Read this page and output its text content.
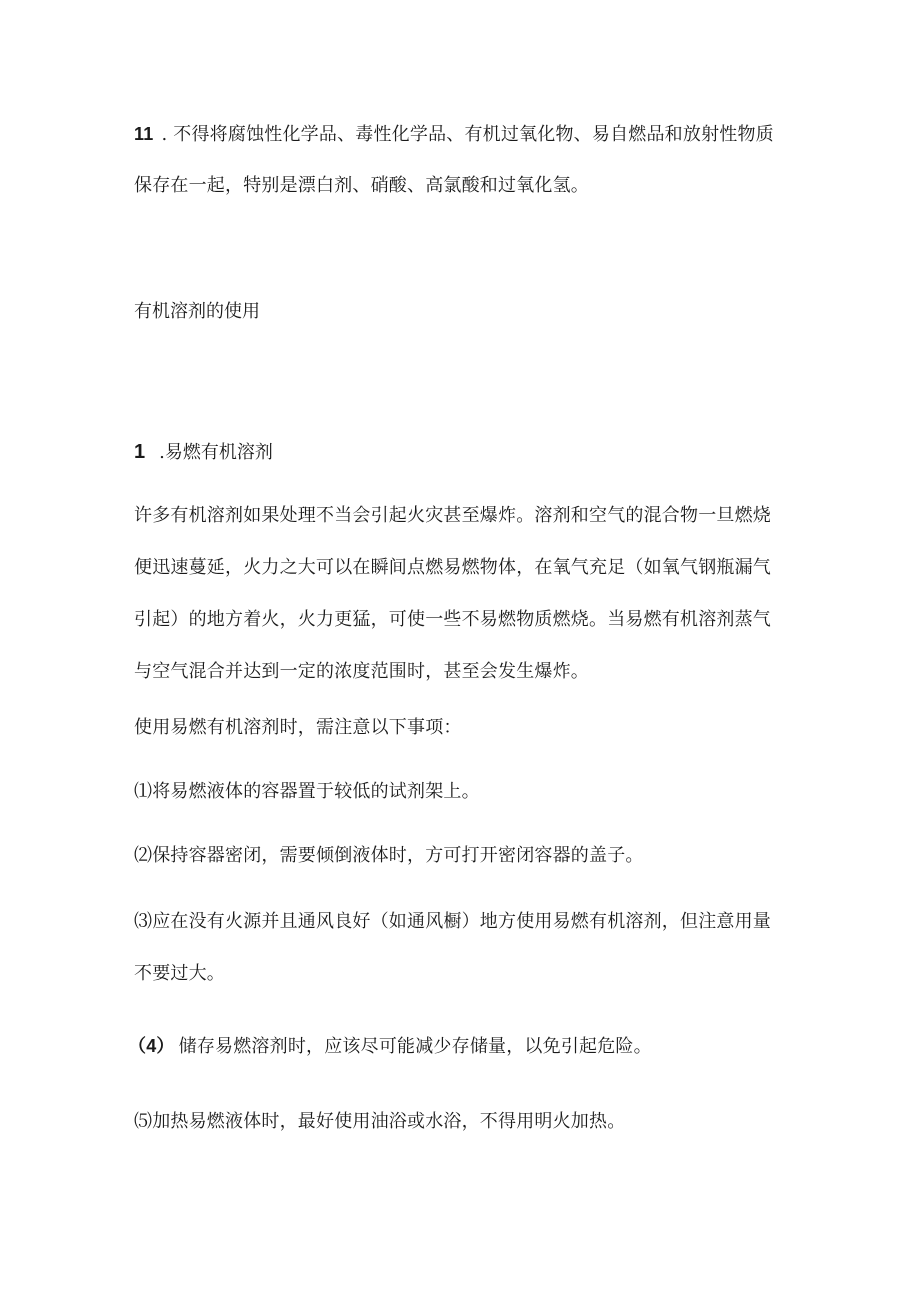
11 . 不得将腐蚀性化学品、毒性化学品、有机过氧化物、易自燃品和放射性物质
保存在一起，特别是漂白剂、硝酸、高氯酸和过氧化氢。

有机溶剂的使用

1 .易燃有机溶剂

许多有机溶剂如果处理不当会引起火灾甚至爆炸。溶剂和空气的混合物一旦燃烧
便迅速蔓延，火力之大可以在瞬间点燃易燃物体，在氧气充足（如氧气钢瓶漏气
引起）的地方着火，火力更猛，可使一些不易燃物质燃烧。当易燃有机溶剂蒸气
与空气混合并达到一定的浓度范围时，甚至会发生爆炸。
使用易燃有机溶剂时，需注意以下事项：
⑴将易燃液体的容器置于较低的试剂架上。
⑵保持容器密闭，需要倾倒液体时，方可打开密闭容器的盖子。
⑶应在没有火源并且通风良好（如通风橱）地方使用易燃有机溶剂，但注意用量
不要过大。
（4） 储存易燃溶剂时，应该尽可能减少存储量，以免引起危险。
⑸加热易燃液体时，最好使用油浴或水浴，不得用明火加热。
